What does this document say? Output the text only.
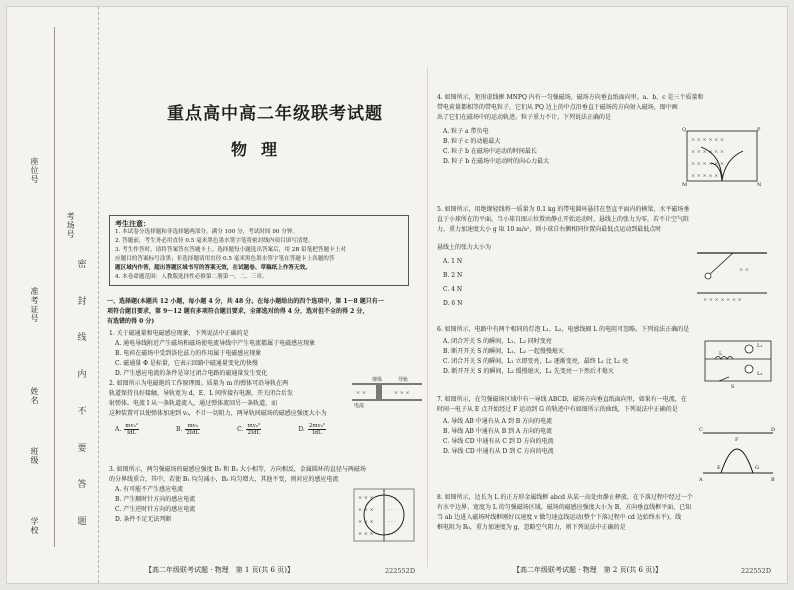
座位号
准考证号
姓名
班级
学校
考场号
密
封
线
内
不
要
答
题
重点高中高二年级联考试题
物理
考生注意：
1. 本试卷分选择题和非选择题两部分。满分 100 分，考试时间 90 分钟。
2. 答题前，考生务必用直径 0.5 毫米黑色墨水签字笔将密封线内项目填写清楚。
3. 考生作答时，请将答案答在答题卡上。选择题每小题选出答案后，用 2B 铅笔把答题卡上对
应题目的答案标号涂黑；非选择题请用直径 0.5 毫米黑色墨水签字笔在答题卡上各题的答
题区域内作答，超出答题区域书写的答案无效，在试题卷、草稿纸上作答无效。
4. 本卷命题范围：人教版选择性必修第二册第一、二、三章。
一、选择题(本题共 12 小题，每小题 4 分，共 48 分。在每小题给出的四个选项中，第 1～8 题只有一
项符合题目要求，第 9～12 题有多项符合题目要求，全部选对的得 4 分，选对但不全的得 2 分，
有选错的得 0 分)
1. 关于磁通量和电磁感应现象，下列说法中正确的是
A. 通电导线附近产生磁场和磁场使电流导线中产生电流都属于电磁感应现象
B. 电荷在磁场中受到洛伦兹力的作用属于电磁感应现象
C. 磁通量 Φ 是标量，它表示回路中磁通量变化的快慢
D. 产生感应电流的条件是穿过闭合电路的磁通量发生变化
2. 如图所示为电磁炮的工作原理图。质量为 m 的弹体可沿导轨在两
轨道保持良好接触，导轨宽为 d，E、L 间所接有电源，开关闭合后发
射弹体。电流 I 从一条轨道流入，通过弹体流回另一条轨道，而
这种装置可以使弹体加速到 v₀，不计一切阻力，两导轨间磁场的磁感应强度大小为
× ×	× × ×
导轨
弹体
电流
A. $\frac{\text{mv₀²}}{\text{IdL}}$	B. $\frac{\text{mv₀}}{\text{2IdL}}$	C. $\frac{\text{mv₀²}}{\text{2IdL}}$	D. $\frac{\text{2mv₀²}}{\text{IdL}}$
3. 如图所示，两匀强磁场的磁感应强度 B₁ 和 B₂ 大小相等，方向相反，金属圆环的直径与两磁场
的分界线重合，其中，若使 B₁ 均匀减小，B₂ 均匀增大，其他不变，则对应的感应电流
A. 有可能不产生感应电流
B. 产生顺时针方向的感应电流
C. 产生逆时针方向的感应电流
D. 条件不足无法判断
× × ×
× × ×
× × ×
× × ×
· · ·
· · ·
· · ·
· · ·
【高二年级联考试题 · 物理　第 1 页(共 6 页)】	222552D
4. 如图所示，矩形虚线框 MNPQ 内有一匀强磁场，磁场方向垂直纸面向里。a、b、c 是三个质量和
带电荷量都相等的带电粒子，它们从 PQ 边上的中点沿垂直于磁场的方向射入磁场，图中画
出了它们在磁场中的运动轨迹。粒子重力不计。下列说法正确的是
A. 粒子 a 带负电
B. 粒子 c 的动能最大
C. 粒子 b 在磁场中运动的时间最长
D. 粒子 b 在磁场中运动时的向心力最大
× × × × × ×
× × × × × ×
× × × × × ×
× × × × × ×
Q	P
M	N
5. 如图所示，用绝缘轻线将一质量为 0.1 kg 的带电圆环悬挂在竖直平面内的横梁，水平磁场垂
直于小球所在的平面，当小球自图示位置由静止开始运动时，悬线上的张力为零，若不计空气阻
力，重力加速度大小 g 取 10 m/s²，则小球自右侧相同位置向最低点运动到最低点时
悬线上的张力大小为
A. 1 N
B. 2 N
C. 4 N
D. 6 N	× × × × × × ×
× ×
6. 如图所示，电路中有两个相同的灯泡 L₁、L₂，电感线圈 L 的电阻可忽略。下列说法正确的是
A. 闭合开关 S 的瞬间，L₁、L₂ 同时变亮
B. 断开开关 S 的瞬间，L₁、L₂ 一起慢慢熄灭
C. 闭合开关 S 的瞬间，L₁ 立即变亮，L₂ 逐渐变亮，最终 L₁ 比 L₂ 亮
D. 断开开关 S 的瞬间，L₂ 缓慢熄灭，L₁ 先变亮一下然后才熄灭
L₁
L₂
L
S
7. 如图所示，在匀强磁场区域中有一导线 ABCD，磁场方向垂直纸面向里，如果有一电流，在
时间一电子从 E 点开始经过 F 运动到 G 的轨迹中有如图所示的曲线，下列说法中正确的是
A. 导线 AB 中通有从 A 到 B 方向的电流
B. 导线 AB 中通有从 B 到 A 方向的电流
C. 导线 CD 中通有从 C 到 D 方向的电流
D. 导线 CD 中通有从 D 到 C 方向的电流
C	D
A	B
F
E	G
8. 如图所示，边长为 L 的正方形金属线框 abcd 从某一高处由静止释放，在下落过程中经过一个
有水平边界、宽度为 L 的匀强磁场区域，磁场的磁感应强度大小为 B，方向垂直线框平面，已知
当 ab 边进入磁场时线框刚好以速度 v 做匀速直线运动(整个下落过程中 cd 边始终水平)，线
框电阻为 R₀，重力加速度为 g，忽略空气阻力，则下列说法中正确的是
【高二年级联考试题 · 物理　第 2 页(共 6 页)】	222552D
